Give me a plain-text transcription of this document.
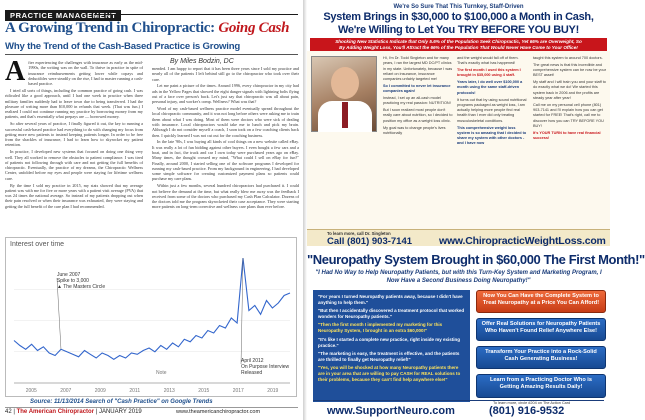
PRACTICE MANAGEMENT
A Growing Trend in Chiropractic: Going Cash
Why the Trend of the Cash-Based Practice is Growing
By Miles Bodzin, DC

After experiencing the challenges with insurance as early as the mid-1990s, the writing was on the wall. To thrive in practice in spite of insurance reimbursements getting lower while copays and deductibles were steadily on the rise, I had to master running a cash-based practice.

I tried all sorts of things, including the common practice of going cash. I was ridiculed like a good approach, until I had one week in practice when three military families suddenly had to leave town due to being transferred. I had the pleasure of writing more than $10,000 in refunds that week. (That was fun.) I realized I could not continue running my practice by borrowing money from my patients, and that's essentially what prepays are — borrowed money.

So after several years of practice, I finally figured it out, the key to running a successful cash-based practice had everything to do with changing my focus from getting more new patients to instead keeping patients longer. In order to be free from the shackles of insurance, I had to learn how to skyrocket my patient retention.

In practice, I developed new systems that focused on doing one thing very well. They all worked to remove the obstacles to patient compliance. I was tired of patients not following through with care and not getting the full benefits of chiropractic. Eventually, the practice of my dreams, the Chiropractic Wellness Center, unfolded before my eyes and people were staying for lifetime wellness care.

By the time I sold my practice in 2015, my stats showed that my average patient was with me for five or more years with a patient visit average (PVA) that was 24 times the national average. So instead of my patients dropping out when their pain resolved or when their insurance was exhausted, they were staying and getting the full benefit of the care plan I had recommended.

mended. I am happy to report that it has been three years since I sold my practice and nearly all of the patients I left behind still go to the chiropractor who took over their care.

Let me paint a picture of the times. Around 1996, every chiropractor in my city had ads in the Yellow Pages that showed the eight danger signals with lightning bolts flying out of a face over person's back. Let's just say that chiropractic was all about pain, personal injury, and worker's comp. Wellness? What was that?

Word of my cash-based wellness practice model eventually spread throughout the local chiropractic community, and it was not long before others were asking me to train them about what I was doing. Most of them were doctors who were sick of dealing with insurance. Local chiropractors would take me to lunch and pick my brain. Although I do not consider myself a coach, I soon took on a few coaching clients back then. I quickly learned I was not cut out for the coaching business.

In the late '90s, I was buying all kinds of cool things on a new website called eBay. It was really a lot of fun bidding against other buyers. I even bought a few cars and a boat, and in fact, the truck and car I own today were purchased years ago on eBay. Many times, the thought crossed my mind, "What could I sell on eBay for fun?" Finally, around 2000, I started selling one of the software programs I developed for running my cash-based practice. From my background in engineering, I had developed some simple software for creating customized payment plans so patients could purchase my care plans.

Within just a few months, several hundred chiropractors had purchased it. I could not believe the demand at the time, but what really blew me away was the feedback I received from some of the doctors who purchased my Cash Plan Calculator. Dozens of the doctors told me the program skyrocketed their case acceptance. They were starting more patients on long-term corrective and wellness care plans than ever before.

2005	2007	2009	2011	2013	2015	2017	2019
June 2007
Spike to 3,000
▲ The Masters Circle
April 2012
On Purpose Interview
Released
Note
Interest over time
Source: 11/13/2014 Search of "Cash Practice" on Google Trends
42 | The American Chiropractor | JANUARY 2019	www.theamericanchiropractor.com
We're So Sure That This Turnkey, Staff-Driven
System Brings in $30,000 to $100,000 a Month in Cash,
We're Willing to Let You TRY BEFORE YOU BUY!
Shocking New Statistics Indicate that Only 5.6% of the Population Seek Chiropractic, Yet 66% are Overweight, So
By Adding Weight Loss, You'll Attract the 66% of the Population That Would Never Have Come to Your Office!

Hi, I'm Dr. Todd Singleton and for many years, I ran the largest MD DC/PT clinics in my state. Unfortunately, because I was reliant on insurance, insurance companies unfairly targeted me!

So I committed to never let insurance companies again!

Instead, I set up an all-cash model practicing my real passion: NUTRITION!

But I soon realized most people don't really care about nutrition, so I decided to position my office as a weight loss clinic.

My goal was to change people's lives nutritionally

and the weight would fall off of them. That's exactly what has happened!

The first month I used this system I brought in $35,000 using 4 staff.

Years later, I do well over $100,000 a month using the same staff-driven protocols!

It turns out that by using sound nutritional programs packaged as weight loss, I am actually helping more people find real health than I ever did only treating musculoskeletal conditions.

This comprehensive weight loss system is so amazing that I decided to share my system with other doctors - and I have now

taught this system to around 700 doctors.

The great news is that this incredible and comprehensive system can be now be your BEST asset!

My staff and I will train you and your staff to do exactly what we do! We started this system back in 2006 and the profits are steady year after year!

Call me on my personal cell phone (801) 903-7141 and I'll explain how you can get started for FREE! That's right, call me to discover how you can TRY BEFORE YOU BUY!

It's YOUR TURN to have real financial success!

To learn more, call Dr. Singleton
Call (801) 903-7141	www.ChiropracticWeightLoss.com
"Neuropathy System Brought in $60,000 The First Month!"
"I Had No Way to Help Neuropathy Patients, but with this Turn-Key System and Marketing Program, I Now Have a Second Business Doing Neuropathy!"

"For years I turned Neuropathy patients away, because I didn't have anything to help them."

"But then I accidentally discovered a treatment protocol that worked wonders for Neuropathy patients."

"Then the first month I implemented my marketing for this Neuropathy System, I brought in an extra $60,000!"

"It's like I started a complete new practice, right inside my existing practice."

"The marketing is easy, the treatment is effective, and the patients are thrilled to finally get Neuropathy relief!"

"Yes, you will be shocked at how many Neuropathy patients there are in your area that are willing to pay CASH for REAL solutions to their problems, because they can't find help anywhere else!"

Now You Can Have the Complete System to Treat Neuropathy at a Price You Can Afford!
Offer Real Solutions for Neuropathy Patients Who Haven't Found Relief Anywhere Else!
Transform Your Practice into a Rock-Solid Cash Generating Business!
Learn from a Practicing Doctor Who is Getting Amazing Results Daily!
To learn more, circle #204 on The Action Card
www.SupportNeuro.com	(801) 916-9532
